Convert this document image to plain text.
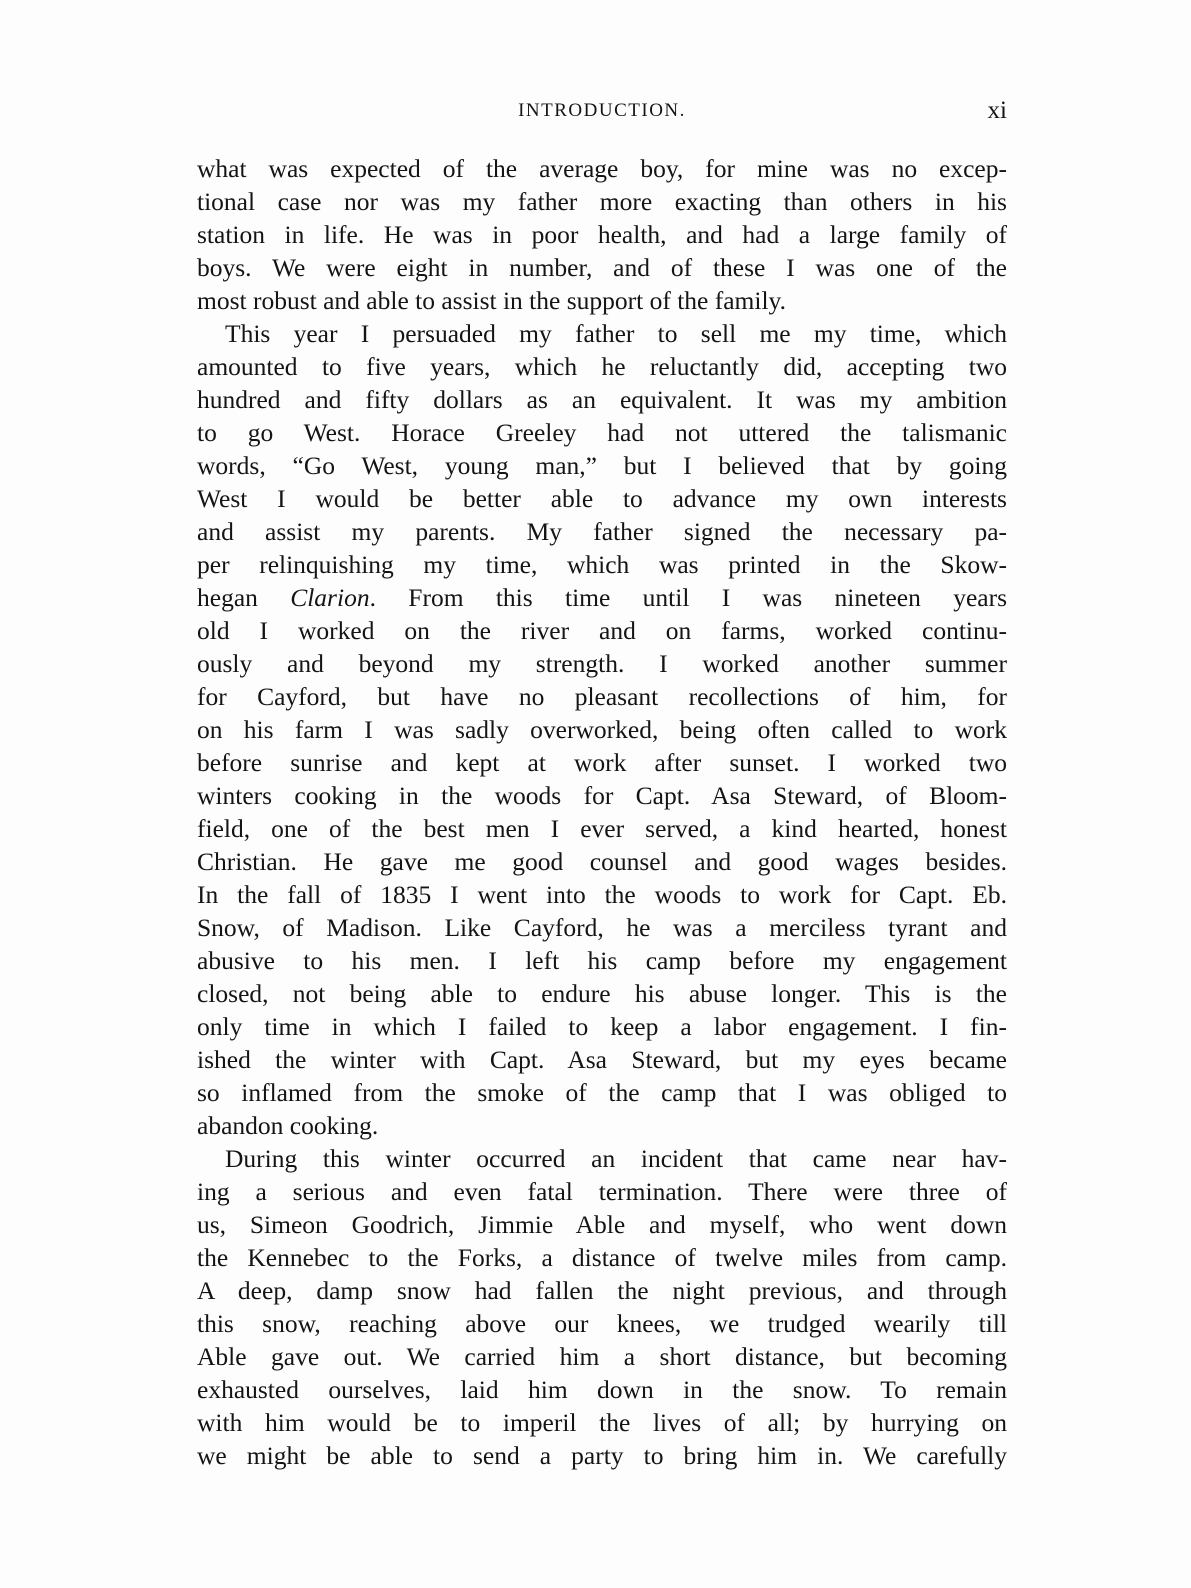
INTRODUCTION.	xi
what was expected of the average boy, for mine was no excep-
tional case nor was my father more exacting than others in his
station in life. He was in poor health, and had a large family of
boys. We were eight in number, and of these I was one of the
most robust and able to assist in the support of the family.
This year I persuaded my father to sell me my time, which
amounted to five years, which he reluctantly did, accepting two
hundred and fifty dollars as an equivalent. It was my ambition
to go West. Horace Greeley had not uttered the talismanic
words, “Go West, young man,” but I believed that by going
West I would be better able to advance my own interests
and assist my parents. My father signed the necessary pa-
per relinquishing my time, which was printed in the Skow-
hegan Clarion. From this time until I was nineteen years
old I worked on the river and on farms, worked continu-
ously and beyond my strength. I worked another summer
for Cayford, but have no pleasant recollections of him, for
on his farm I was sadly overworked, being often called to work
before sunrise and kept at work after sunset. I worked two
winters cooking in the woods for Capt. Asa Steward, of Bloom-
field, one of the best men I ever served, a kind hearted, honest
Christian. He gave me good counsel and good wages besides.
In the fall of 1835 I went into the woods to work for Capt. Eb.
Snow, of Madison. Like Cayford, he was a merciless tyrant and
abusive to his men. I left his camp before my engagement
closed, not being able to endure his abuse longer. This is the
only time in which I failed to keep a labor engagement. I fin-
ished the winter with Capt. Asa Steward, but my eyes became
so inflamed from the smoke of the camp that I was obliged to
abandon cooking.
During this winter occurred an incident that came near hav-
ing a serious and even fatal termination. There were three of
us, Simeon Goodrich, Jimmie Able and myself, who went down
the Kennebec to the Forks, a distance of twelve miles from camp.
A deep, damp snow had fallen the night previous, and through
this snow, reaching above our knees, we trudged wearily till
Able gave out. We carried him a short distance, but becoming
exhausted ourselves, laid him down in the snow. To remain
with him would be to imperil the lives of all; by hurrying on
we might be able to send a party to bring him in. We carefully
